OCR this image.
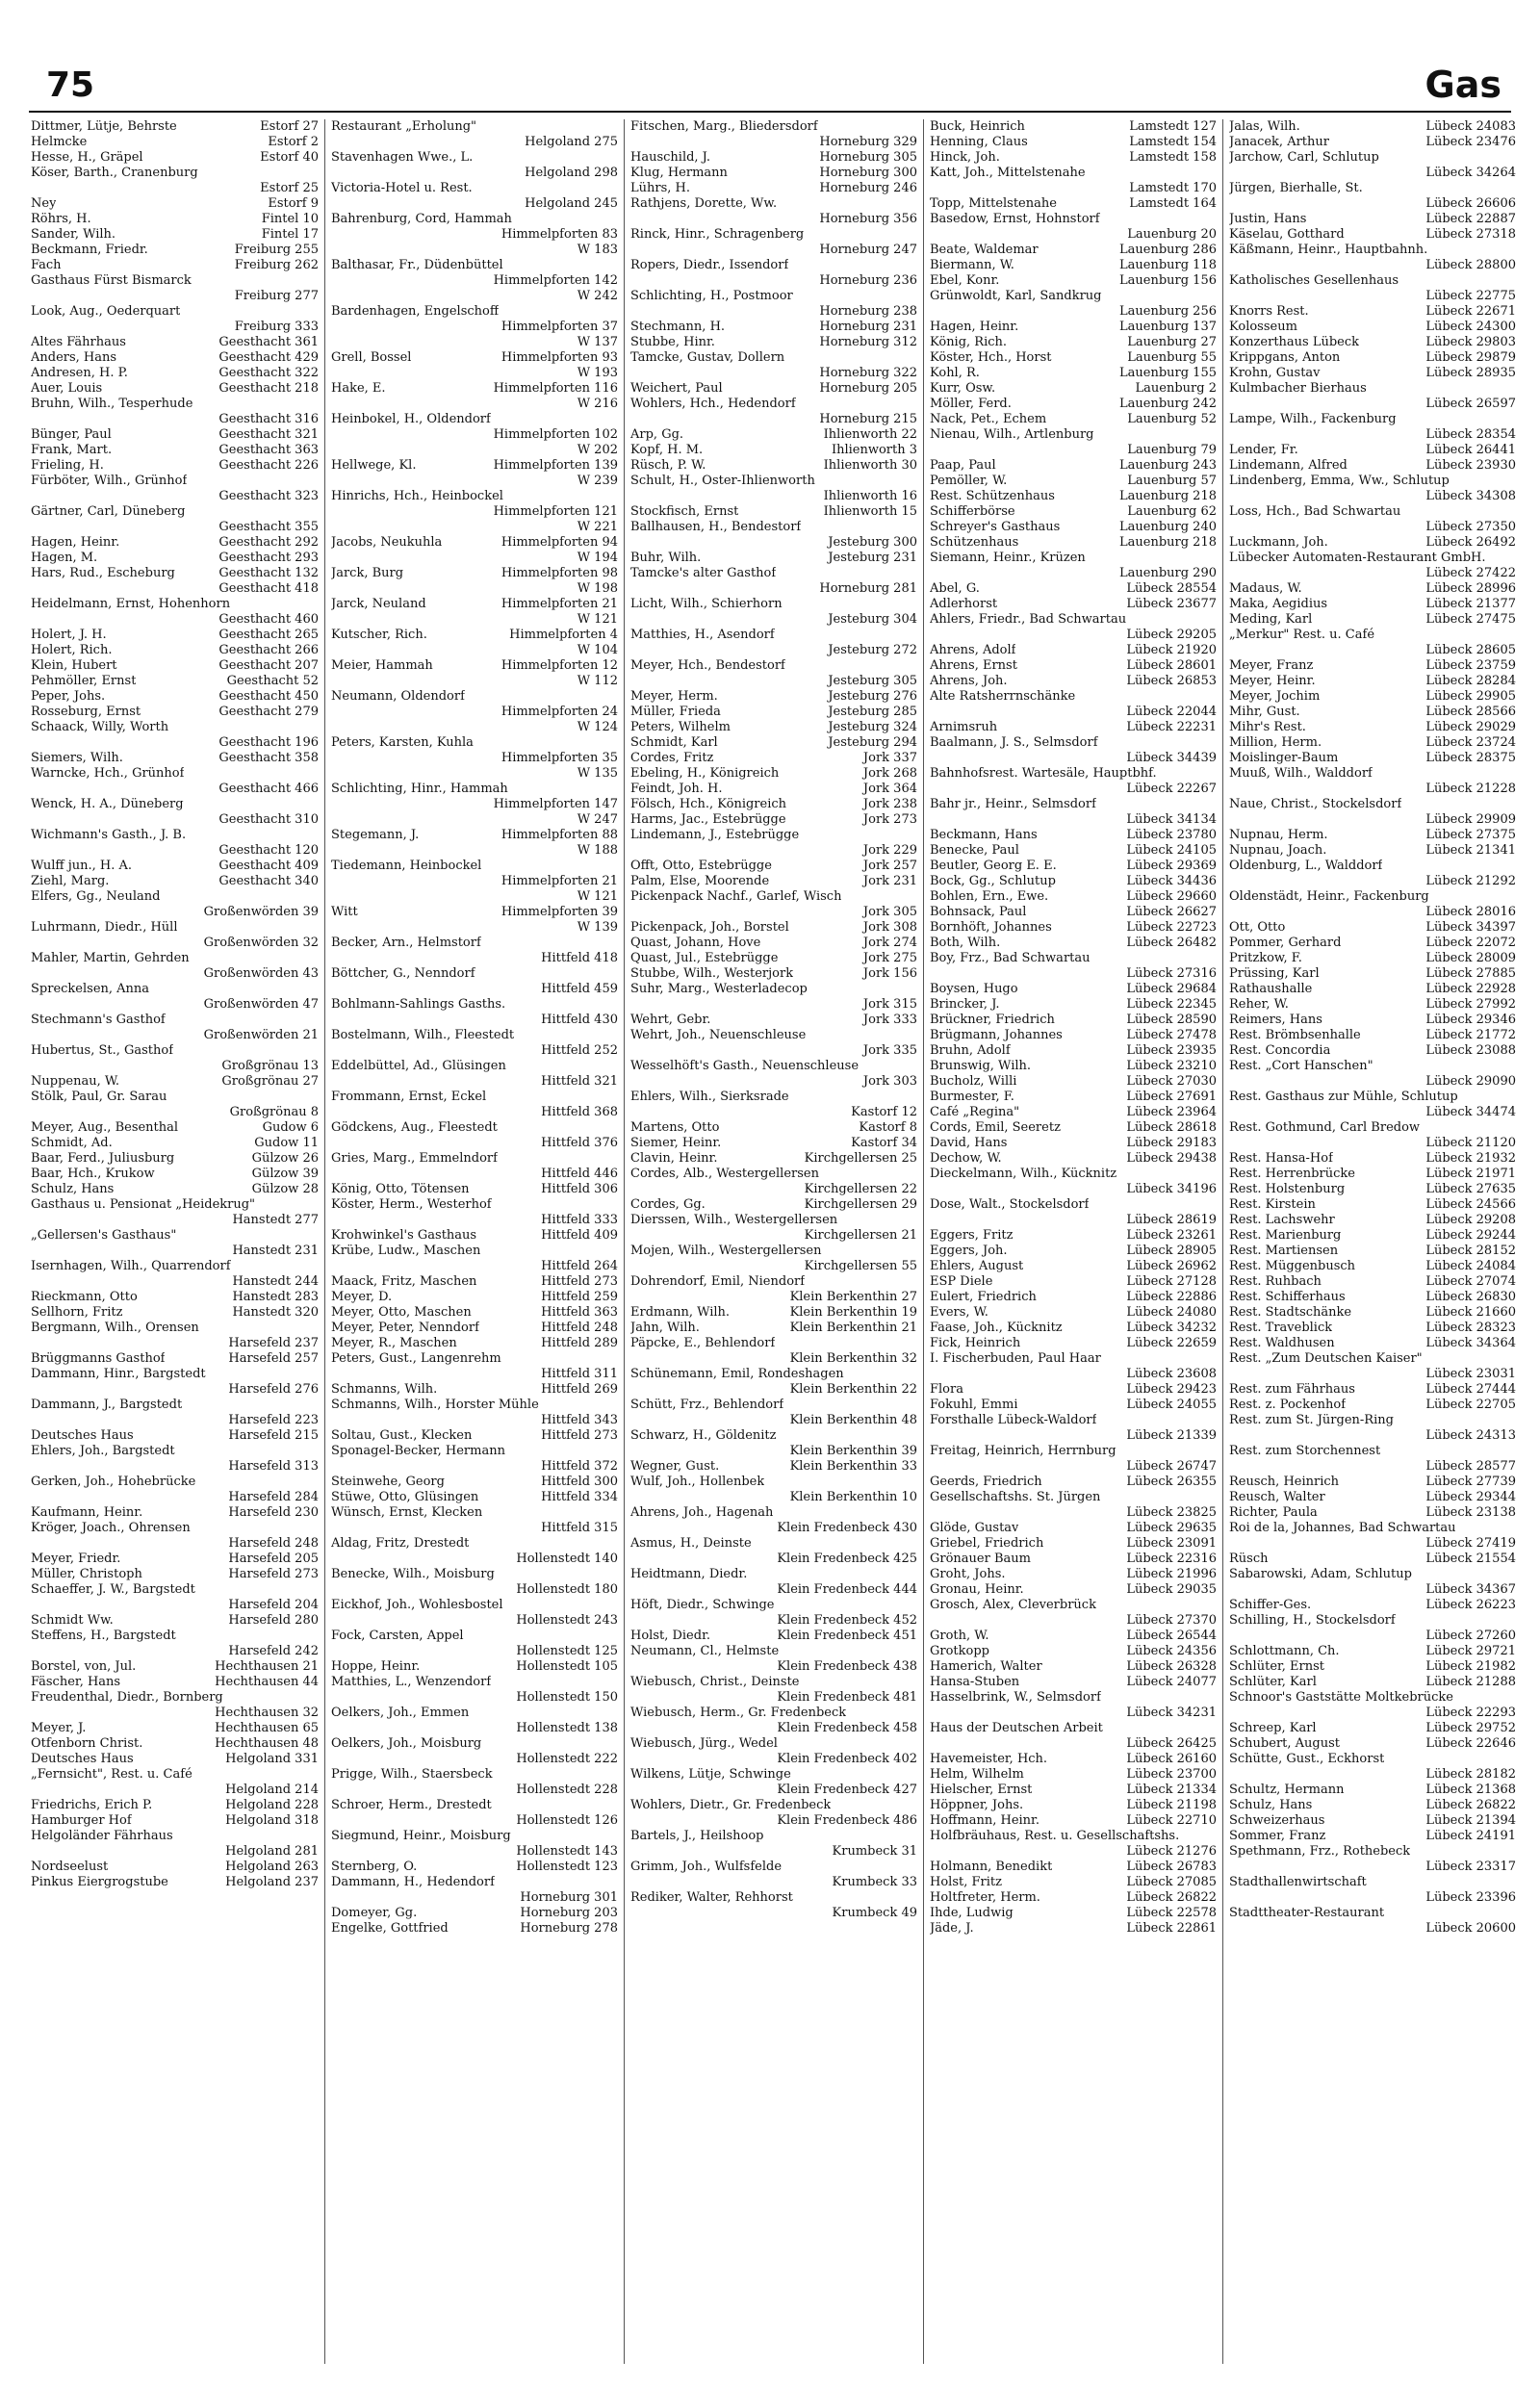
75	Gas
Dittmer, Lütje, Behrste	Estorf 27
Helmcke	Estorf 2
Hesse, H., Gräpel	Estorf 40
Köser, Barth., Cranenburg
Estorf 25
Ney	Estorf 9
Röhrs, H.	Fintel 10
Sander, Wilh.	Fintel 17
Beckmann, Friedr.	Freiburg 255
Fach	Freiburg 262
Gasthaus Fürst Bismarck
Freiburg 277
Look, Aug., Oederquart
Freiburg 333
Altes Fährhaus	Geesthacht 361
Anders, Hans	Geesthacht 429
Andresen, H. P.	Geesthacht 322
Auer, Louis	Geesthacht 218
Bruhn, Wilh., Tesperhude
Geesthacht 316
Bünger, Paul	Geesthacht 321
Frank, Mart.	Geesthacht 363
Frieling, H.	Geesthacht 226
Fürböter, Wilh., Grünhof
Geesthacht 323
Gärtner, Carl, Düneberg
Geesthacht 355
Hagen, Heinr.	Geesthacht 292
Hagen, M.	Geesthacht 293
Hars, Rud., Escheburg	Geesthacht 132
Geesthacht 418
Heidelmann, Ernst, Hohenhorn
Geesthacht 460
Holert, J. H.	Geesthacht 265
Holert, Rich.	Geesthacht 266
Klein, Hubert	Geesthacht 207
Pehmöller, Ernst	Geesthacht 52
Peper, Johs.	Geesthacht 450
Rosseburg, Ernst	Geesthacht 279
Schaack, Willy, Worth
Geesthacht 196
Siemers, Wilh.	Geesthacht 358
Warncke, Hch., Grünhof
Geesthacht 466
Wenck, H. A., Düneberg
Geesthacht 310
Wichmann's Gasth., J. B.
Geesthacht 120
Wulff jun., H. A.	Geesthacht 409
Ziehl, Marg.	Geesthacht 340
Elfers, Gg., Neuland
Großenwörden 39
Luhrmann, Diedr., Hüll
Großenwörden 32
Mahler, Martin, Gehrden
Großenwörden 43
Spreckelsen, Anna
Großenwörden 47
Stechmann's Gasthof
Großenwörden 21
Hubertus, St., Gasthof
Großgrönau 13
Nuppenau, W.	Großgrönau 27
Stölk, Paul, Gr. Sarau
Großgrönau 8
Meyer, Aug., Besenthal	Gudow 6
Schmidt, Ad.	Gudow 11
Baar, Ferd., Juliusburg	Gülzow 26
Baar, Hch., Krukow	Gülzow 39
Schulz, Hans	Gülzow 28
Gasthaus u. Pensionat „Heidekrug"
Hanstedt 277
„Gellersen's Gasthaus"
Hanstedt 231
Isernhagen, Wilh., Quarrendorf
Hanstedt 244
Rieckmann, Otto	Hanstedt 283
Sellhorn, Fritz	Hanstedt 320
Bergmann, Wilh., Orensen
Harsefeld 237
Brüggmanns Gasthof	Harsefeld 257
Dammann, Hinr., Bargstedt
Harsefeld 276
Dammann, J., Bargstedt
Harsefeld 223
Deutsches Haus	Harsefeld 215
Ehlers, Joh., Bargstedt
Harsefeld 313
Gerken, Joh., Hohebrücke
Harsefeld 284
Kaufmann, Heinr.	Harsefeld 230
Kröger, Joach., Ohrensen
Harsefeld 248
Meyer, Friedr.	Harsefeld 205
Müller, Christoph	Harsefeld 273
Schaeffer, J. W., Bargstedt
Harsefeld 204
Schmidt Ww.	Harsefeld 280
Steffens, H., Bargstedt
Harsefeld 242
Borstel, von, Jul.	Hechthausen 21
Fäscher, Hans	Hechthausen 44
Freudenthal, Diedr., Bornberg
Hechthausen 32
Meyer, J.	Hechthausen 65
Otfenborn Christ.	Hechthausen 48
Deutsches Haus	Helgoland 331
„Fernsicht", Rest. u. Café
Helgoland 214
Friedrichs, Erich P.	Helgoland 228
Hamburger Hof	Helgoland 318
Helgoländer Fährhaus
Helgoland 281
Nordseelust	Helgoland 263
Pinkus Eiergrogstube	Helgoland 237
Restaurant „Erholung"
Helgoland 275
Stavenhagen Wwe., L.
Helgoland 298
Victoria-Hotel u. Rest.
Helgoland 245
Bahrenburg, Cord, Hammah
Himmelpforten 83
W 183
Balthasar, Fr., Düdenbüttel
Himmelpforten 142
W 242
Bardenhagen, Engelschoff
Himmelpforten 37
W 137
Grell, Bossel	Himmelpforten 93
W 193
Hake, E.	Himmelpforten 116
W 216
Heinbokel, H., Oldendorf
Himmelpforten 102
W 202
Hellwege, Kl.	Himmelpforten 139
W 239
Hinrichs, Hch., Heinbockel
Himmelpforten 121
W 221
Jacobs, Neukuhla	Himmelpforten 94
W 194
Jarck, Burg	Himmelpforten 98
W 198
Jarck, Neuland	Himmelpforten 21
W 121
Kutscher, Rich.	Himmelpforten 4
W 104
Meier, Hammah	Himmelpforten 12
W 112
Neumann, Oldendorf
Himmelpforten 24
W 124
Peters, Karsten, Kuhla
Himmelpforten 35
W 135
Schlichting, Hinr., Hammah
Himmelpforten 147
W 247
Stegemann, J.	Himmelpforten 88
W 188
Tiedemann, Heinbockel
Himmelpforten 21
W 121
Witt	Himmelpforten 39
W 139
Becker, Arn., Helmstorf
Hittfeld 418
Böttcher, G., Nenndorf
Hittfeld 459
Bohlmann-Sahlings Gasths.
Hittfeld 430
Bostelmann, Wilh., Fleestedt
Hittfeld 252
Eddelbüttel, Ad., Glüsingen
Hittfeld 321
Frommann, Ernst, Eckel
Hittfeld 368
Gödckens, Aug., Fleestedt
Hittfeld 376
Gries, Marg., Emmelndorf
Hittfeld 446
König, Otto, Tötensen	Hittfeld 306
Köster, Herm., Westerhof
Hittfeld 333
Krohwinkel's Gasthaus	Hittfeld 409
Krübe, Ludw., Maschen
Hittfeld 264
Maack, Fritz, Maschen	Hittfeld 273
Meyer, D.	Hittfeld 259
Meyer, Otto, Maschen	Hittfeld 363
Meyer, Peter, Nenndorf	Hittfeld 248
Meyer, R., Maschen	Hittfeld 289
Peters, Gust., Langenrehm
Hittfeld 311
Schmanns, Wilh.	Hittfeld 269
Schmanns, Wilh., Horster Mühle
Hittfeld 343
Soltau, Gust., Klecken	Hittfeld 273
Sponagel-Becker, Hermann
Hittfeld 372
Steinwehe, Georg	Hittfeld 300
Stüwe, Otto, Glüsingen	Hittfeld 334
Wünsch, Ernst, Klecken
Hittfeld 315
Aldag, Fritz, Drestedt
Hollenstedt 140
Benecke, Wilh., Moisburg
Hollenstedt 180
Eickhof, Joh., Wohlesbostel
Hollenstedt 243
Fock, Carsten, Appel
Hollenstedt 125
Hoppe, Heinr.	Hollenstedt 105
Matthies, L., Wenzendorf
Hollenstedt 150
Oelkers, Joh., Emmen
Hollenstedt 138
Oelkers, Joh., Moisburg
Hollenstedt 222
Prigge, Wilh., Staersbeck
Hollenstedt 228
Schroer, Herm., Drestedt
Hollenstedt 126
Siegmund, Heinr., Moisburg
Hollenstedt 143
Sternberg, O.	Hollenstedt 123
Dammann, H., Hedendorf
Horneburg 301
Domeyer, Gg.	Horneburg 203
Engelke, Gottfried	Horneburg 278
Fitschen, Marg., Bliedersdorf
Horneburg 329
Hauschild, J.	Horneburg 305
Klug, Hermann	Horneburg 300
Lührs, H.	Horneburg 246
Rathjens, Dorette, Ww.
Horneburg 356
Rinck, Hinr., Schragenberg
Horneburg 247
Ropers, Diedr., Issendorf
Horneburg 236
Schlichting, H., Postmoor
Horneburg 238
Stechmann, H.	Horneburg 231
Stubbe, Hinr.	Horneburg 312
Tamcke, Gustav, Dollern
Horneburg 322
Weichert, Paul	Horneburg 205
Wohlers, Hch., Hedendorf
Horneburg 215
Arp, Gg.	Ihlienworth 22
Kopf, H. M.	Ihlienworth 3
Rüsch, P. W.	Ihlienworth 30
Schult, H., Oster-Ihlienworth
Ihlienworth 16
Stockfisch, Ernst	Ihlienworth 15
Ballhausen, H., Bendestorf
Jesteburg 300
Buhr, Wilh.	Jesteburg 231
Tamcke's alter Gasthof
Horneburg 281
Licht, Wilh., Schierhorn
Jesteburg 304
Matthies, H., Asendorf
Jesteburg 272
Meyer, Hch., Bendestorf
Jesteburg 305
Meyer, Herm.	Jesteburg 276
Müller, Frieda	Jesteburg 285
Peters, Wilhelm	Jesteburg 324
Schmidt, Karl	Jesteburg 294
Cordes, Fritz	Jork 337
Ebeling, H., Königreich	Jork 268
Feindt, Joh. H.	Jork 364
Fölsch, Hch., Königreich	Jork 238
Harms, Jac., Estebrügge	Jork 273
Lindemann, J., Estebrügge
Jork 229
Offt, Otto, Estebrügge	Jork 257
Palm, Else, Moorende	Jork 231
Pickenpack Nachf., Garlef, Wisch
Jork 305
Pickenpack, Joh., Borstel	Jork 308
Quast, Johann, Hove	Jork 274
Quast, Jul., Estebrügge	Jork 275
Stubbe, Wilh., Westerjork	Jork 156
Suhr, Marg., Westerladecop
Jork 315
Wehrt, Gebr.	Jork 333
Wehrt, Joh., Neuenschleuse
Jork 335
Wesselhöft's Gasth., Neuenschleuse
Jork 303
Ehlers, Wilh., Sierksrade
Kastorf 12
Martens, Otto	Kastorf 8
Siemer, Heinr.	Kastorf 34
Clavin, Heinr.	Kirchgellersen 25
Cordes, Alb., Westergellersen
Kirchgellersen 22
Cordes, Gg.	Kirchgellersen 29
Dierssen, Wilh., Westergellersen
Kirchgellersen 21
Mojen, Wilh., Westergellersen
Kirchgellersen 55
Dohrendorf, Emil, Niendorf
Klein Berkenthin 27
Erdmann, Wilh.	Klein Berkenthin 19
Jahn, Wilh.	Klein Berkenthin 21
Päpcke, E., Behlendorf
Klein Berkenthin 32
Schünemann, Emil, Rondeshagen
Klein Berkenthin 22
Schütt, Frz., Behlendorf
Klein Berkenthin 48
Schwarz, H., Göldenitz
Klein Berkenthin 39
Wegner, Gust.	Klein Berkenthin 33
Wulf, Joh., Hollenbek
Klein Berkenthin 10
Ahrens, Joh., Hagenah
Klein Fredenbeck 430
Asmus, H., Deinste
Klein Fredenbeck 425
Heidtmann, Diedr.
Klein Fredenbeck 444
Höft, Diedr., Schwinge
Klein Fredenbeck 452
Holst, Diedr.	Klein Fredenbeck 451
Neumann, Cl., Helmste
Klein Fredenbeck 438
Wiebusch, Christ., Deinste
Klein Fredenbeck 481
Wiebusch, Herm., Gr. Fredenbeck
Klein Fredenbeck 458
Wiebusch, Jürg., Wedel
Klein Fredenbeck 402
Wilkens, Lütje, Schwinge
Klein Fredenbeck 427
Wohlers, Dietr., Gr. Fredenbeck
Klein Fredenbeck 486
Bartels, J., Heilshoop
Krumbeck 31
Grimm, Joh., Wulfsfelde
Krumbeck 33
Rediker, Walter, Rehhorst
Krumbeck 49
Buck, Heinrich	Lamstedt 127
Henning, Claus	Lamstedt 154
Hinck, Joh.	Lamstedt 158
Katt, Joh., Mittelstenahe
Lamstedt 170
Topp, Mittelstenahe	Lamstedt 164
Basedow, Ernst, Hohnstorf
Lauenburg 20
Beate, Waldemar	Lauenburg 286
Biermann, W.	Lauenburg 118
Ebel, Konr.	Lauenburg 156
Grünwoldt, Karl, Sandkrug
Lauenburg 256
Hagen, Heinr.	Lauenburg 137
König, Rich.	Lauenburg 27
Köster, Hch., Horst	Lauenburg 55
Kohl, R.	Lauenburg 155
Kurr, Osw.	Lauenburg 2
Möller, Ferd.	Lauenburg 242
Nack, Pet., Echem	Lauenburg 52
Nienau, Wilh., Artlenburg
Lauenburg 79
Paap, Paul	Lauenburg 243
Pemöller, W.	Lauenburg 57
Rest. Schützenhaus	Lauenburg 218
Schifferbörse	Lauenburg 62
Schreyer's Gasthaus	Lauenburg 240
Schützenhaus	Lauenburg 218
Siemann, Heinr., Krüzen
Lauenburg 290
Abel, G.	Lübeck 28554
Adlerhorst	Lübeck 23677
Ahlers, Friedr., Bad Schwartau
Lübeck 29205
Ahrens, Adolf	Lübeck 21920
Ahrens, Ernst	Lübeck 28601
Ahrens, Joh.	Lübeck 26853
Alte Ratsherrnschänke
Lübeck 22044
Arnimsruh	Lübeck 22231
Baalmann, J. S., Selmsdorf
Lübeck 34439
Bahnhofsrest. Wartesäle, Hauptbhf.
Lübeck 22267
Bahr jr., Heinr., Selmsdorf
Lübeck 34134
Beckmann, Hans	Lübeck 23780
Benecke, Paul	Lübeck 24105
Beutler, Georg E. E.	Lübeck 29369
Bock, Gg., Schlutup	Lübeck 34436
Bohlen, Ern., Ewe.	Lübeck 29660
Bohnsack, Paul	Lübeck 26627
Bornhöft, Johannes	Lübeck 22723
Both, Wilh.	Lübeck 26482
Boy, Frz., Bad Schwartau
Lübeck 27316
Boysen, Hugo	Lübeck 29684
Brincker, J.	Lübeck 22345
Brückner, Friedrich	Lübeck 28590
Brügmann, Johannes	Lübeck 27478
Bruhn, Adolf	Lübeck 23935
Brunswig, Wilh.	Lübeck 23210
Bucholz, Willi	Lübeck 27030
Burmester, F.	Lübeck 27691
Café „Regina"	Lübeck 23964
Cords, Emil, Seeretz	Lübeck 28618
David, Hans	Lübeck 29183
Dechow, W.	Lübeck 29438
Dieckelmann, Wilh., Kücknitz
Lübeck 34196
Dose, Walt., Stockelsdorf
Lübeck 28619
Eggers, Fritz	Lübeck 23261
Eggers, Joh.	Lübeck 28905
Ehlers, August	Lübeck 26962
ESP Diele	Lübeck 27128
Eulert, Friedrich	Lübeck 22886
Evers, W.	Lübeck 24080
Faase, Joh., Kücknitz	Lübeck 34232
Fick, Heinrich	Lübeck 22659
I. Fischerbuden, Paul Haar
Lübeck 23608
Flora	Lübeck 29423
Fokuhl, Emmi	Lübeck 24055
Forsthalle Lübeck-Waldorf
Lübeck 21339
Freitag, Heinrich, Herrnburg
Lübeck 26747
Geerds, Friedrich	Lübeck 26355
Gesellschaftshs. St. Jürgen
Lübeck 23825
Glöde, Gustav	Lübeck 29635
Griebel, Friedrich	Lübeck 23091
Grönauer Baum	Lübeck 22316
Groht, Johs.	Lübeck 21996
Gronau, Heinr.	Lübeck 29035
Grosch, Alex, Cleverbrück
Lübeck 27370
Groth, W.	Lübeck 26544
Grotkopp	Lübeck 24356
Hamerich, Walter	Lübeck 26328
Hansa-Stuben	Lübeck 24077
Hasselbrink, W., Selmsdorf
Lübeck 34231
Haus der Deutschen Arbeit
Lübeck 26425
Havemeister, Hch.	Lübeck 26160
Helm, Wilhelm	Lübeck 23700
Hielscher, Ernst	Lübeck 21334
Höppner, Johs.	Lübeck 21198
Hoffmann, Heinr.	Lübeck 22710
Holfbräuhaus, Rest. u. Gesellschaftshs.
Lübeck 21276
Holmann, Benedikt	Lübeck 26783
Holst, Fritz	Lübeck 27085
Holtfreter, Herm.	Lübeck 26822
Ihde, Ludwig	Lübeck 22578
Jäde, J.	Lübeck 22861
Jalas, Wilh.	Lübeck 24083
Janacek, Arthur	Lübeck 23476
Jarchow, Carl, Schlutup
Lübeck 34264
Jürgen, Bierhalle, St.
Lübeck 26606
Justin, Hans	Lübeck 22887
Käselau, Gotthard	Lübeck 27318
Käßmann, Heinr., Hauptbahnh.
Lübeck 28800
Katholisches Gesellenhaus
Lübeck 22775
Knorrs Rest.	Lübeck 22671
Kolosseum	Lübeck 24300
Konzerthaus Lübeck	Lübeck 29803
Krippgans, Anton	Lübeck 29879
Krohn, Gustav	Lübeck 28935
Kulmbacher Bierhaus
Lübeck 26597
Lampe, Wilh., Fackenburg
Lübeck 28354
Lender, Fr.	Lübeck 26441
Lindemann, Alfred	Lübeck 23930
Lindenberg, Emma, Ww., Schlutup
Lübeck 34308
Loss, Hch., Bad Schwartau
Lübeck 27350
Luckmann, Joh.	Lübeck 26492
Lübecker Automaten-Restaurant GmbH.
Lübeck 27422
Madaus, W.	Lübeck 28996
Maka, Aegidius	Lübeck 21377
Meding, Karl	Lübeck 27475
„Merkur" Rest. u. Café
Lübeck 28605
Meyer, Franz	Lübeck 23759
Meyer, Heinr.	Lübeck 28284
Meyer, Jochim	Lübeck 29905
Mihr, Gust.	Lübeck 28566
Mihr's Rest.	Lübeck 29029
Million, Herm.	Lübeck 23724
Moislinger-Baum	Lübeck 28375
Muuß, Wilh., Walddorf
Lübeck 21228
Naue, Christ., Stockelsdorf
Lübeck 29909
Nupnau, Herm.	Lübeck 27375
Nupnau, Joach.	Lübeck 21341
Oldenburg, L., Walddorf
Lübeck 21292
Oldenstädt, Heinr., Fackenburg
Lübeck 28016
Ott, Otto	Lübeck 34397
Pommer, Gerhard	Lübeck 22072
Pritzkow, F.	Lübeck 28009
Prüssing, Karl	Lübeck 27885
Rathaushalle	Lübeck 22928
Reher, W.	Lübeck 27992
Reimers, Hans	Lübeck 29346
Rest. Brömbsenhalle	Lübeck 21772
Rest. Concordia	Lübeck 23088
Rest. „Cort Hanschen"
Lübeck 29090
Rest. Gasthaus zur Mühle, Schlutup
Lübeck 34474
Rest. Gothmund, Carl Bredow
Lübeck 21120
Rest. Hansa-Hof	Lübeck 21932
Rest. Herrenbrücke	Lübeck 21971
Rest. Holstenburg	Lübeck 27635
Rest. Kirstein	Lübeck 24566
Rest. Lachswehr	Lübeck 29208
Rest. Marienburg	Lübeck 29244
Rest. Martiensen	Lübeck 28152
Rest. Müggenbusch	Lübeck 24084
Rest. Ruhbach	Lübeck 27074
Rest. Schifferhaus	Lübeck 26830
Rest. Stadtschänke	Lübeck 21660
Rest. Traveblick	Lübeck 28323
Rest. Waldhusen	Lübeck 34364
Rest. „Zum Deutschen Kaiser"
Lübeck 23031
Rest. zum Fährhaus	Lübeck 27444
Rest. z. Pockenhof	Lübeck 22705
Rest. zum St. Jürgen-Ring
Lübeck 24313
Rest. zum Storchennest
Lübeck 28577
Reusch, Heinrich	Lübeck 27739
Reusch, Walter	Lübeck 29344
Richter, Paula	Lübeck 23138
Roi de la, Johannes, Bad Schwartau
Lübeck 27419
Rüsch	Lübeck 21554
Sabarowski, Adam, Schlutup
Lübeck 34367
Schiffer-Ges.	Lübeck 26223
Schilling, H., Stockelsdorf
Lübeck 27260
Schlottmann, Ch.	Lübeck 29721
Schlüter, Ernst	Lübeck 21982
Schlüter, Karl	Lübeck 21288
Schnoor's Gaststätte Moltkebrücke
Lübeck 22293
Schreep, Karl	Lübeck 29752
Schubert, August	Lübeck 22646
Schütte, Gust., Eckhorst
Lübeck 28182
Schultz, Hermann	Lübeck 21368
Schulz, Hans	Lübeck 26822
Schweizerhaus	Lübeck 21394
Sommer, Franz	Lübeck 24191
Spethmann, Frz., Rothebeck
Lübeck 23317
Stadthallenwirtschaft
Lübeck 23396
Stadttheater-Restaurant
Lübeck 20600
